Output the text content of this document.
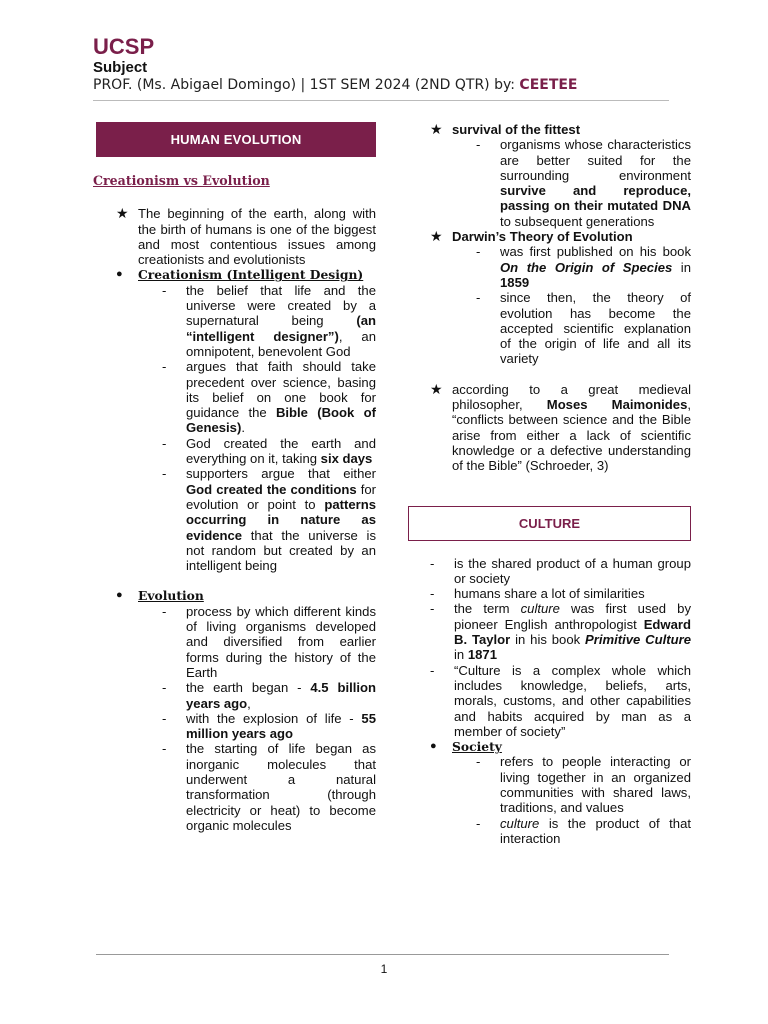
UCSP
Subject
PROF. (Ms. Abigael Domingo) | 1ST SEM 2024 (2ND QTR) by: CEETEE
HUMAN EVOLUTION
Creationism vs Evolution
★ The beginning of the earth, along with the birth of humans is one of the biggest and most contentious issues among creationists and evolutionists
●	Creationism (Intelligent Design)
-	the belief that life and the universe were created by a supernatural being (an “intelligent designer”), an omnipotent, benevolent God
-	argues that faith should take precedent over science, basing its belief on one book for guidance the Bible (Book of Genesis).
-	God created the earth and everything on it, taking six days
-	supporters argue that either God created the conditions for evolution or point to patterns occurring in nature as evidence that the universe is not random but created by an intelligent being
●	Evolution
-	process by which different kinds of living organisms developed and diversified from earlier forms during the history of the Earth
-	the earth began - 4.5 billion years ago,
-	with the explosion of life - 55 million years ago
-	the starting of life began as inorganic molecules that underwent a natural transformation (through electricity or heat) to become organic molecules
★ survival of the fittest
-	organisms whose characteristics are better suited for the surrounding environment survive and reproduce, passing on their mutated DNA to subsequent generations
★ Darwin’s Theory of Evolution
-	was first published on his book On the Origin of Species in 1859
-	since then, the theory of evolution has become the accepted scientific explanation of the origin of life and all its variety
★ according to a great medieval philosopher, Moses Maimonides, “conflicts between science and the Bible arise from either a lack of scientific knowledge or a defective understanding of the Bible” (Schroeder, 3)
CULTURE
-	is the shared product of a human group or society
-	humans share a lot of similarities
-	the term culture was first used by pioneer English anthropologist Edward B. Taylor in his book Primitive Culture in 1871
-	“Culture is a complex whole which includes knowledge, beliefs, arts, morals, customs, and other capabilities and habits acquired by man as a member of society”
●	Society
-	refers to people interacting or living together in an organized communities with shared laws, traditions, and values
-	culture is the product of that interaction
1
